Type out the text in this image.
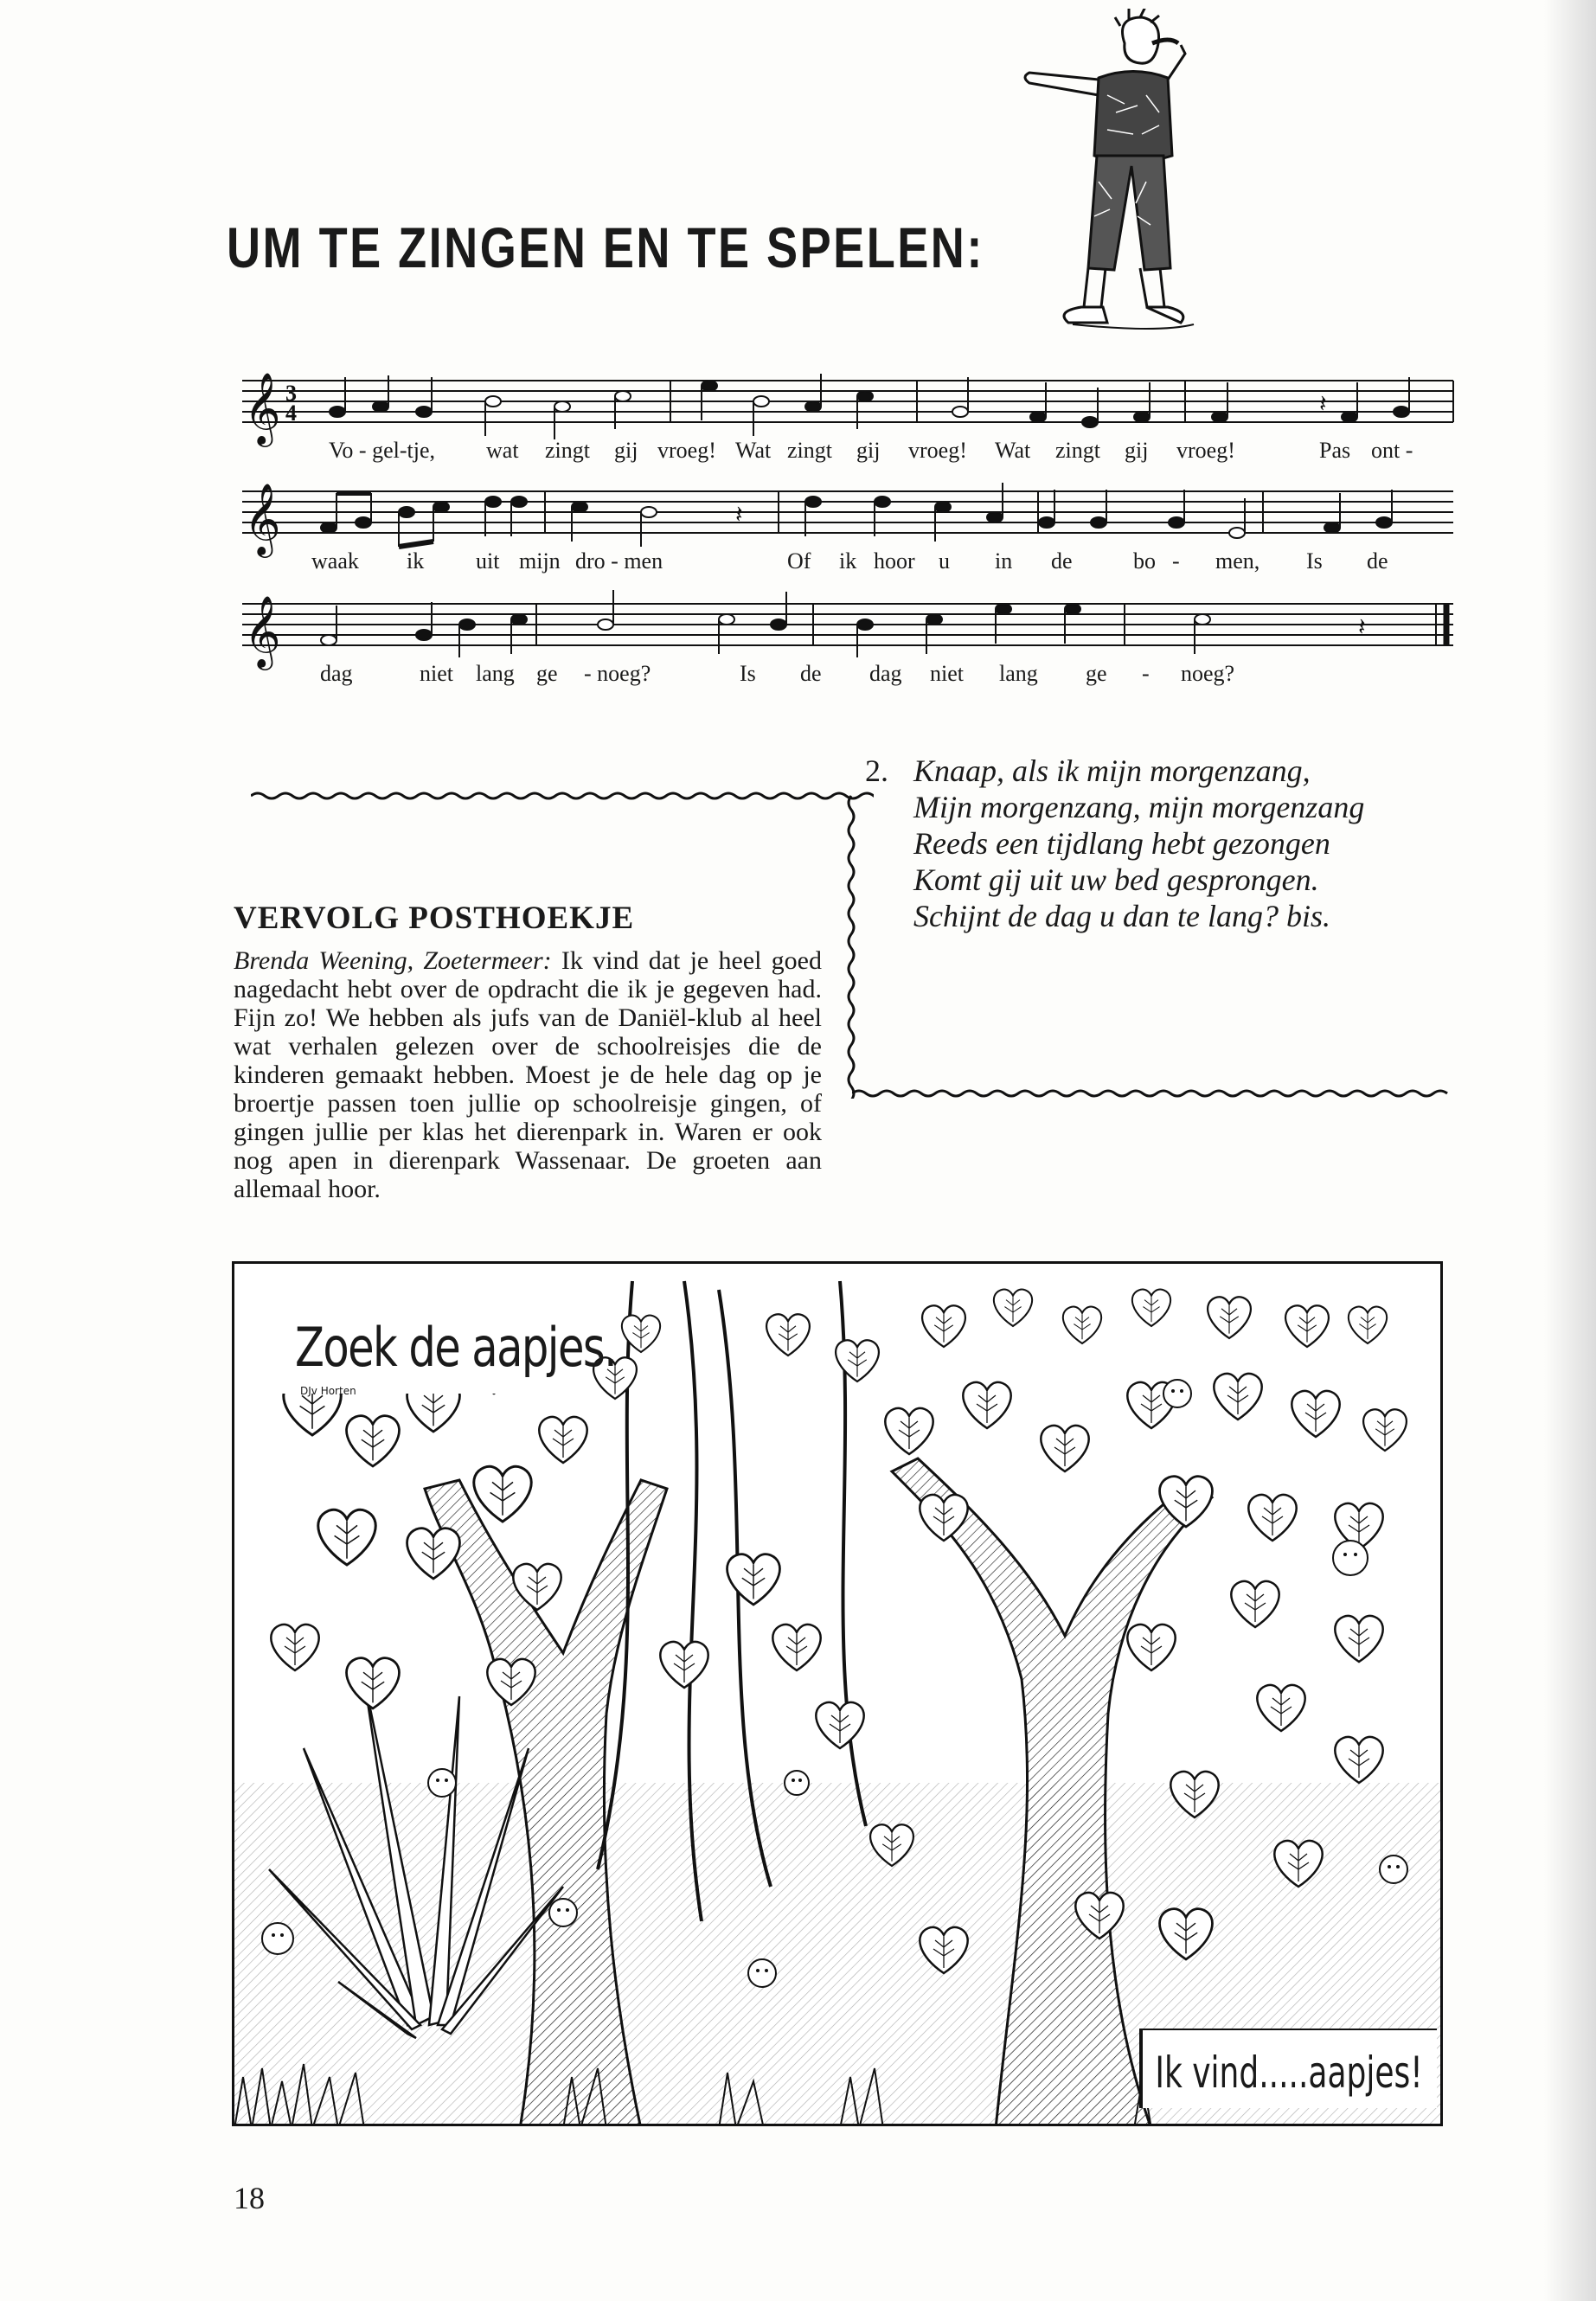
UM TE ZINGEN EN TE SPELEN:
𝄞
𝄞
𝄞
3
4	𝄽
𝄽
𝄽
Vo - gel-tje, wat zingt gij vroeg! Wat zingt gij vroeg! Wat zingt gij vroeg!	Pas ont -
waak ik uit mijn dro - men	Of ik hoor u in de	bo - men, Is de
dag	niet lang ge - noeg?	Is de dag niet lang ge - noeg?
VERVOLG POSTHOEKJE

Brenda Weening, Zoetermeer: Ik vind dat je heel goed nagedacht hebt over de opdracht die ik je gegeven had. Fijn zo! We hebben als jufs van de Daniël-klub al heel wat verhalen gelezen over de schoolreisjes die de kinderen gemaakt hebben. Moest je de hele dag op je broertje passen toen jullie op schoolreisje gingen, of gingen jullie per klas het dierenpark in. Waren er ook nog apen in dierenpark Wassenaar. De groeten aan allemaal hoor.

2. Knaap, als ik mijn morgenzang,
Mijn morgenzang, mijn morgenzang
Reeds een tijdlang hebt gezongen
Komt gij uit uw bed gesprongen.
Schijnt de dag u dan te lang? bis.
Zoek de aapjes.
DJv Horten
Ik vind.....aapjes!

18
